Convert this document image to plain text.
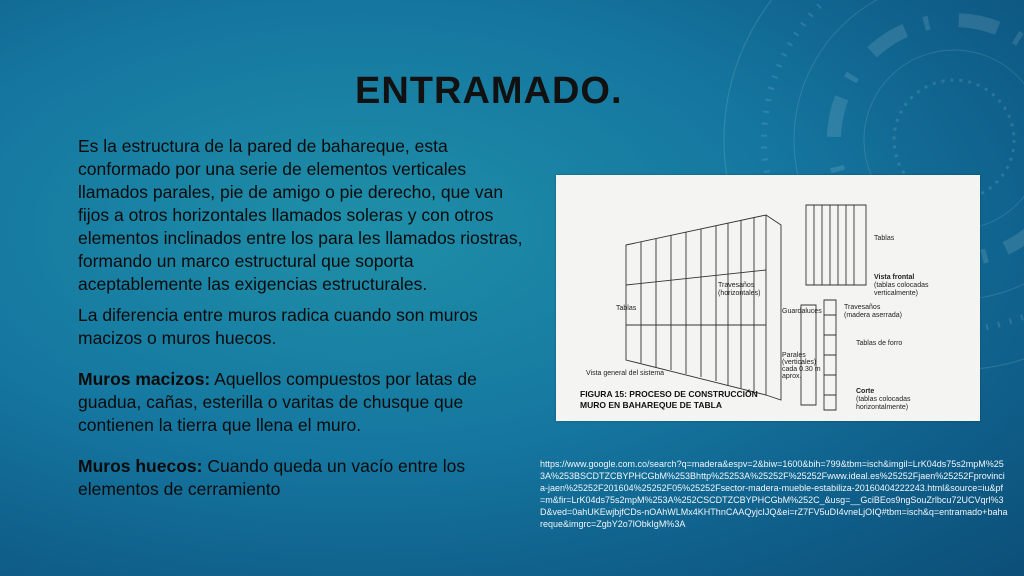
ENTRAMADO.

Es la estructura de la pared de bahareque, esta conformado por una serie de elementos verticales llamados parales, pie de amigo o pie derecho, que van fijos a otros horizontales llamados soleras y con otros elementos inclinados entre los para les llamados riostras, formando un marco estructural que soporta aceptablemente las exigencias estructurales.

La diferencia entre muros radica cuando son muros macizos o muros huecos.

Muros macizos: Aquellos compuestos por latas de guadua, cañas, esterilla o varitas de chusque que contienen la tierra que llena el muro.

Muros huecos: Cuando queda un vacío entre los elementos de cerramiento

Tablas
Travesaños
(horizontales)
Vista general del sistema
Tablas
Vista frontal
(tablas colocadas
verticalmente)
Guardaluces
Travesaños
(madera aserrada)
Tablas de forro
Parales
(verticales)
cada 0.30 m
aprox.
Corte
(tablas colocadas
horizontalmente)
FIGURA 15: PROCESO DE CONSTRUCCIÓN
MURO EN BAHAREQUE DE TABLA
https://www.google.com.co/search?q=madera&espv=2&biw=1600&bih=799&tbm=isch&imgil=LrK04ds75s2mpM%253A%253BSCDTZCBYPHCGbM%253Bhttp%25253A%25252F%25252Fwww.ideal.es%25252Fjaen%25252Fprovincia-jaen%25252F201604%25252F05%25252Fsector-madera-mueble-estabiliza-20160404222243.html&source=iu&pf=m&fir=LrK04ds75s2mpM%253A%252CSCDTZCBYPHCGbM%252C_&usg=__GciBEos9ngSouZrlbcu72UCVqrl%3D&ved=0ahUKEwjbjfCDs-nOAhWLMx4KHThnCAAQyjcIJQ&ei=rZ7FV5uDI4vneLjOIQ#tbm=isch&q=entramado+bahareque&imgrc=ZgbY2o7lObkIgM%3A
